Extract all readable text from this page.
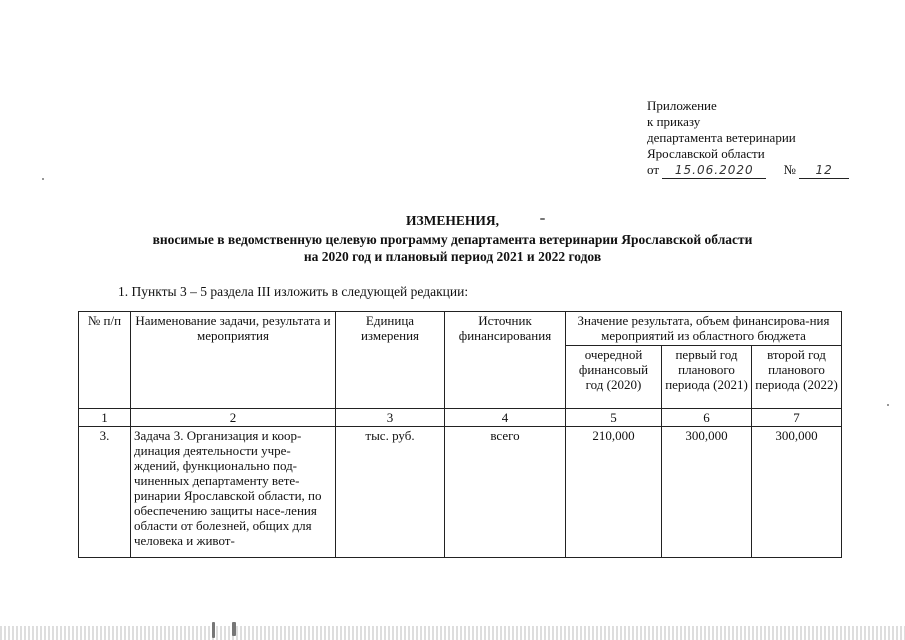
Приложение
к приказу
департамента ветеринарии
Ярославской области
от 15.06.2020 № 12
ИЗМЕНЕНИЯ,
вносимые в ведомственную целевую программу департамента ветеринарии Ярославской области
на 2020 год и плановый период 2021 и 2022 годов
1. Пункты 3 – 5 раздела III изложить в следующей редакции:
№ п/п	Наименование задачи, результата и мероприятия	Единица измерения	Источник финансирования	Значение результата, объем финансирова-ния мероприятий из областного бюджета		
				очередной финансовый год (2020)	первый год планового периода (2021)	второй год планового периода (2022)
1	2	3	4	5	6	7
3.	Задача 3. Организация и коор-динация деятельности учре-ждений, функционально под-чиненных департаменту вете-ринарии Ярославской области, по обеспечению защиты насе-ления области от болезней, общих для человека и живот-	тыс. руб.	всего	210,000	300,000	300,000
